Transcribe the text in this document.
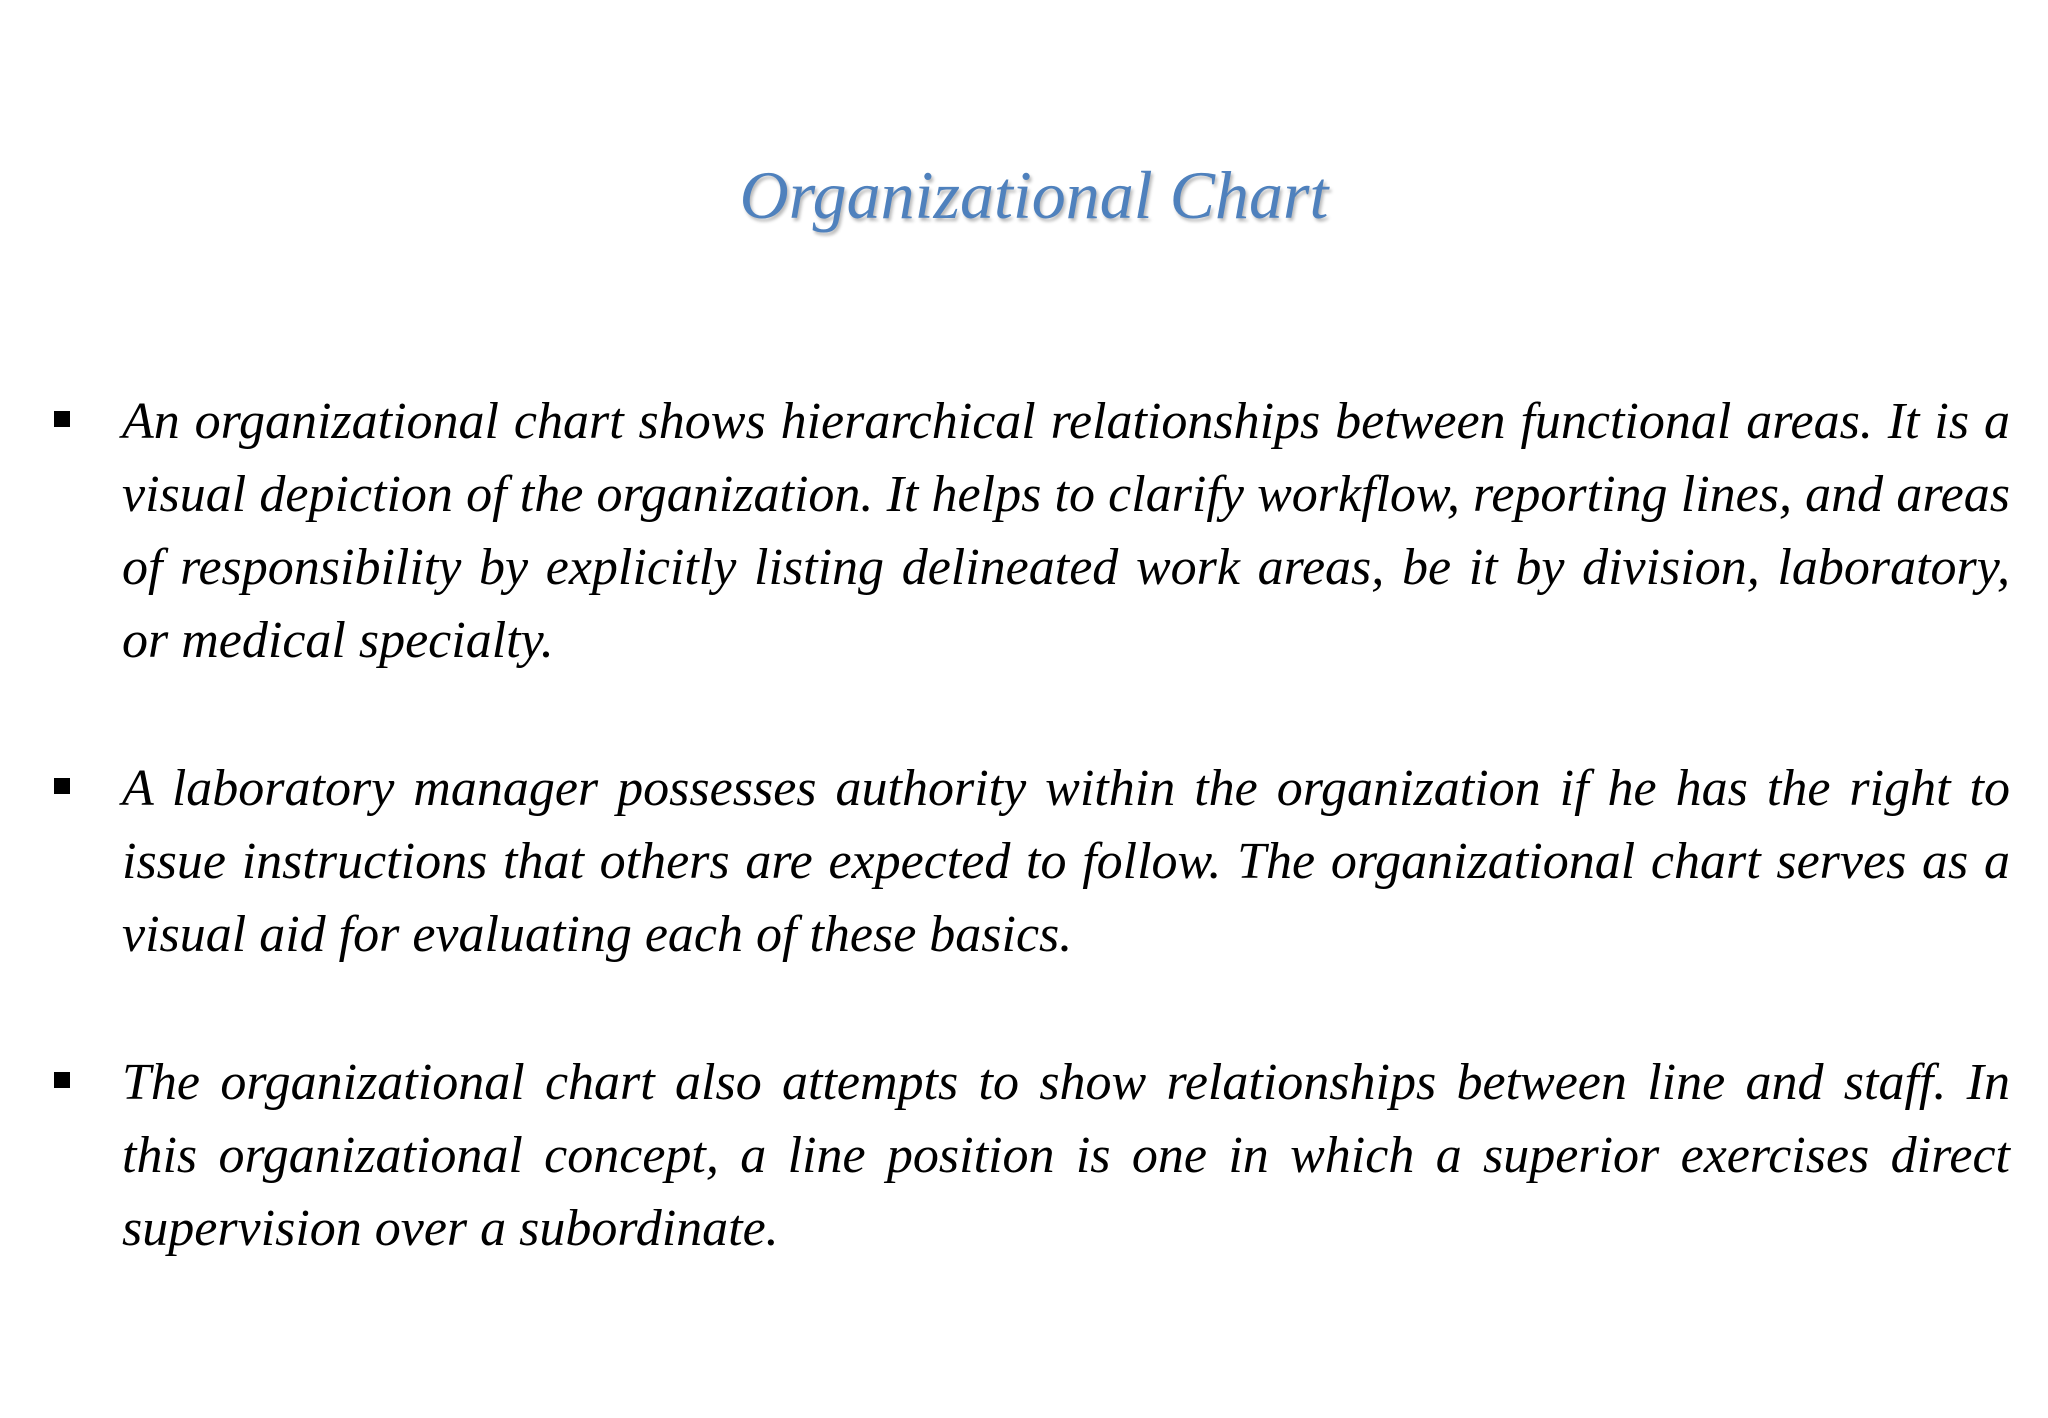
Organizational Chart
An organizational chart shows hierarchical relationships between functional areas. It is a visual depiction of the organization. It helps to clarify workflow, reporting lines, and areas of responsibility by explicitly listing delineated work areas, be it by division, laboratory, or medical specialty.
A laboratory manager possesses authority within the organization if he has the right to issue instructions that others are expected to follow. The organizational chart serves as a visual aid for evaluating each of these basics.
The organizational chart also attempts to show relationships between line and staff. In this organizational concept, a line position is one in which a superior exercises direct supervision over a subordinate.
